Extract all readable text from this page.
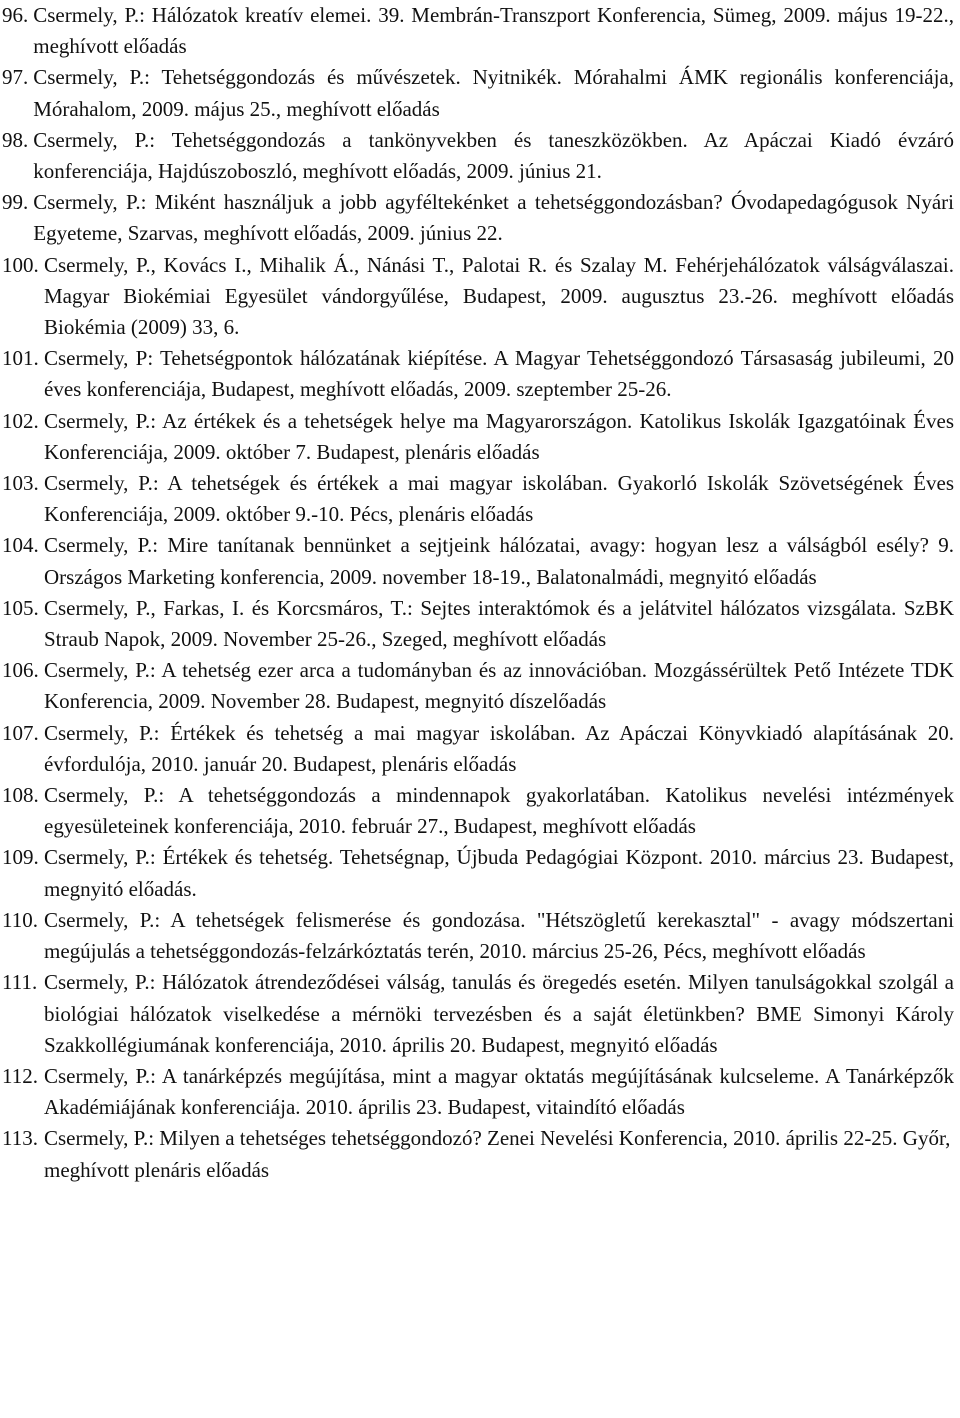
96. Csermely, P.: Hálózatok kreatív elemei. 39. Membrán-Transzport Konferencia, Sümeg, 2009. május 19-22., meghívott előadás
97. Csermely, P.: Tehetséggondozás és művészetek. Nyitnikék. Mórahalmi ÁMK regionális konferenciája, Mórahalom, 2009. május 25., meghívott előadás
98. Csermely, P.: Tehetséggondozás a tankönyvekben és taneszközökben. Az Apáczai Kiadó évzáró konferenciája, Hajdúszoboszló, meghívott előadás, 2009. június 21.
99. Csermely, P.: Miként használjuk a jobb agyféltekénket a tehetséggondozásban? Óvodapedagógusok Nyári Egyeteme, Szarvas, meghívott előadás, 2009. június 22.
100. Csermely, P., Kovács I., Mihalik Á., Nánási T., Palotai R. és Szalay M. Fehérjehálózatok válságválaszai. Magyar Biokémiai Egyesület vándorgyűlése, Budapest, 2009. augusztus 23.-26. meghívott előadás Biokémia (2009) 33, 6.
101. Csermely, P: Tehetségpontok hálózatának kiépítése. A Magyar Tehetséggondozó Társasaság jubileumi, 20 éves konferenciája, Budapest, meghívott előadás, 2009. szeptember 25-26.
102. Csermely, P.: Az értékek és a tehetségek helye ma Magyarországon. Katolikus Iskolák Igazgatóinak Éves Konferenciája, 2009. október 7. Budapest, plenáris előadás
103. Csermely, P.: A tehetségek és értékek a mai magyar iskolában. Gyakorló Iskolák Szövetségének Éves Konferenciája, 2009. október 9.-10. Pécs, plenáris előadás
104. Csermely, P.: Mire tanítanak bennünket a sejtjeink hálózatai, avagy: hogyan lesz a válságból esély? 9. Országos Marketing konferencia, 2009. november 18-19., Balatonalmádi, megnyitó előadás
105. Csermely, P., Farkas, I. és Korcsmáros, T.: Sejtes interaktómok és a jelátvitel hálózatos vizsgálata. SzBK Straub Napok, 2009. November 25-26., Szeged, meghívott előadás
106. Csermely, P.: A tehetség ezer arca a tudományban és az innovációban. Mozgássérültek Pető Intézete TDK Konferencia, 2009. November 28. Budapest, megnyitó díszelőadás
107. Csermely, P.: Értékek és tehetség a mai magyar iskolában. Az Apáczai Könyvkiadó alapításának 20. évfordulója, 2010. január 20. Budapest, plenáris előadás
108. Csermely, P.: A tehetséggondozás a mindennapok gyakorlatában. Katolikus nevelési intézmények egyesületeinek konferenciája, 2010. február 27., Budapest, meghívott előadás
109. Csermely, P.: Értékek és tehetség. Tehetségnap, Újbuda Pedagógiai Központ. 2010. március 23. Budapest, megnyitó előadás.
110. Csermely, P.: A tehetségek felismerése és gondozása. "Hétszögletű kerekasztal" - avagy módszertani megújulás a tehetséggondozás-felzárkóztatás terén, 2010. március 25-26, Pécs, meghívott előadás
111. Csermely, P.: Hálózatok átrendeződései válság, tanulás és öregedés esetén. Milyen tanulságokkal szolgál a biológiai hálózatok viselkedése a mérnöki tervezésben és a saját életünkben? BME Simonyi Károly Szakkollégiumának konferenciája, 2010. április 20. Budapest, megnyitó előadás
112. Csermely, P.: A tanárképzés megújítása, mint a magyar oktatás megújításának kulcseleme. A Tanárképzők Akadémiájának konferenciája. 2010. április 23. Budapest, vitaindító előadás
113. Csermely, P.: Milyen a tehetséges tehetséggondozó? Zenei Nevelési Konferencia, 2010. április 22-25. Győr, meghívott plenáris előadás
